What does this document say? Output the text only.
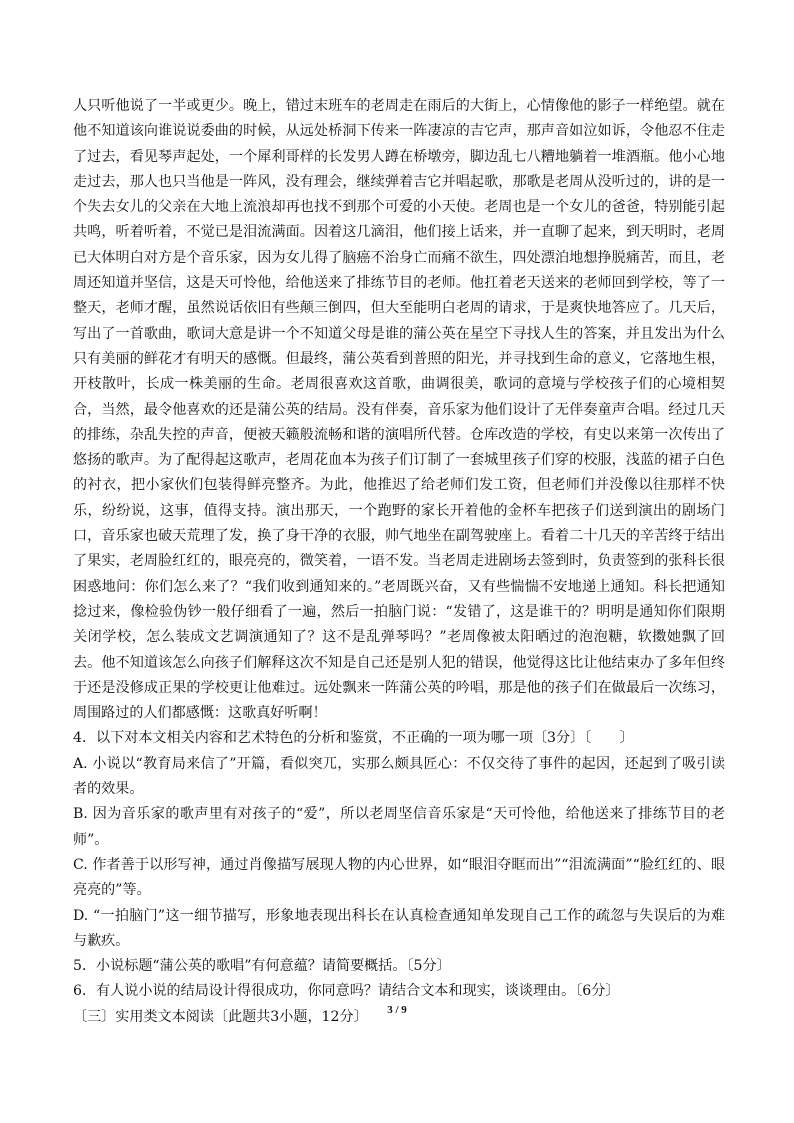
人只听他说了一半或更少。晚上，错过末班车的老周走在雨后的大街上，心情像他的影子一样绝望。就在他不知道该向谁说说委曲的时候，从远处桥洞下传来一阵凄凉的吉它声，那声音如泣如诉，令他忍不住走了过去，看见琴声起处，一个犀利哥样的长发男人蹲在桥墩旁，脚边乱七八糟地躺着一堆酒瓶。他小心地走过去，那人也只当他是一阵风，没有理会，继续弹着吉它并唱起歌，那歌是老周从没听过的，讲的是一个失去女儿的父亲在大地上流浪却再也找不到那个可爱的小天使。老周也是一个女儿的爸爸，特别能引起共鸣，听着听着，不觉已是泪流满面。因着这几滴泪，他们接上话来，并一直聊了起来，到天明时，老周已大体明白对方是个音乐家，因为女儿得了脑癌不治身亡而痛不欲生，四处漂泊地想挣脱痛苦，而且，老周还知道并坚信，这是天可怜他，给他送来了排练节目的老师。他扛着老天送来的老师回到学校，等了一整天，老师才醒，虽然说话依旧有些颠三倒四，但大至能明白老周的请求，于是爽快地答应了。几天后，写出了一首歌曲，歌词大意是讲一个不知道父母是谁的蒲公英在星空下寻找人生的答案，并且发出为什么只有美丽的鲜花才有明天的感慨。但最终，蒲公英看到普照的阳光，并寻找到生命的意义，它落地生根，开枝散叶，长成一株美丽的生命。老周很喜欢这首歌，曲调很美，歌词的意境与学校孩子们的心境相契合，当然，最令他喜欢的还是蒲公英的结局。没有伴奏，音乐家为他们设计了无伴奏童声合唱。经过几天的排练，杂乱失控的声音，便被天籁般流畅和谐的演唱所代替。仓库改造的学校，有史以来第一次传出了悠扬的歌声。为了配得起这歌声，老周花血本为孩子们订制了一套城里孩子们穿的校服，浅蓝的裙子白色的衬衣，把小家伙们包装得鲜亮整齐。为此，他推迟了给老师们发工资，但老师们并没像以往那样不快乐，纷纷说，这事，值得支持。演出那天，一个跑野的家长开着他的金杯车把孩子们送到演出的剧场门口，音乐家也破天荒理了发，换了身干净的衣服，帅气地坐在副驾驶座上。看着二十几天的辛苦终于结出了果实，老周脸红红的，眼亮亮的，微笑着，一语不发。当老周走进剧场去签到时，负责签到的张科长很困惑地问：你们怎么来了？“我们收到通知来的。”老周既兴奋，又有些惴惴不安地递上通知。科长把通知捻过来，像检验伪钞一般仔细看了一遍，然后一拍脑门说：“发错了，这是谁干的？明明是通知你们限期关闭学校，怎么装成文艺调演通知了？这不是乱弹琴吗？”老周像被太阳晒过的泡泡糖，软擞她飘了回去。他不知道该怎么向孩子们解释这次不知是自己还是别人犯的错误，他觉得这比让他结束办了多年但终于还是没修成正果的学校更让他难过。远处飘来一阵蒲公英的吟唱，那是他的孩子们在做最后一次练习，周围路过的人们都感慨：这歌真好听啊！

4．以下对本文相关内容和艺术特色的分析和鉴赏，不正确的一项为哪一项〔3分〕〔　　〕

A. 小说以“教育局来信了”开篇，看似突兀，实那么颇具匠心：不仅交待了事件的起因，还起到了吸引读者的效果。

B. 因为音乐家的歌声里有对孩子的“爱”，所以老周坚信音乐家是“天可怜他，给他送来了排练节目的老师”。

C. 作者善于以形写神，通过肖像描写展现人物的内心世界，如“眼泪夺眶而出”“泪流满面”“脸红红的、眼亮亮的”等。

D. “一拍脑门”这一细节描写，形象地表现出科长在认真检查通知单发现自己工作的疏忽与失误后的为难与歉疚。

5．小说标题“蒲公英的歌唱”有何意蕴？请简要概括。〔5分〕

6．有人说小说的结局设计得很成功，你同意吗？请结合文本和现实，谈谈理由。〔6分〕

〔三〕实用类文本阅读〔此题共3小题，12分〕	3 / 9
